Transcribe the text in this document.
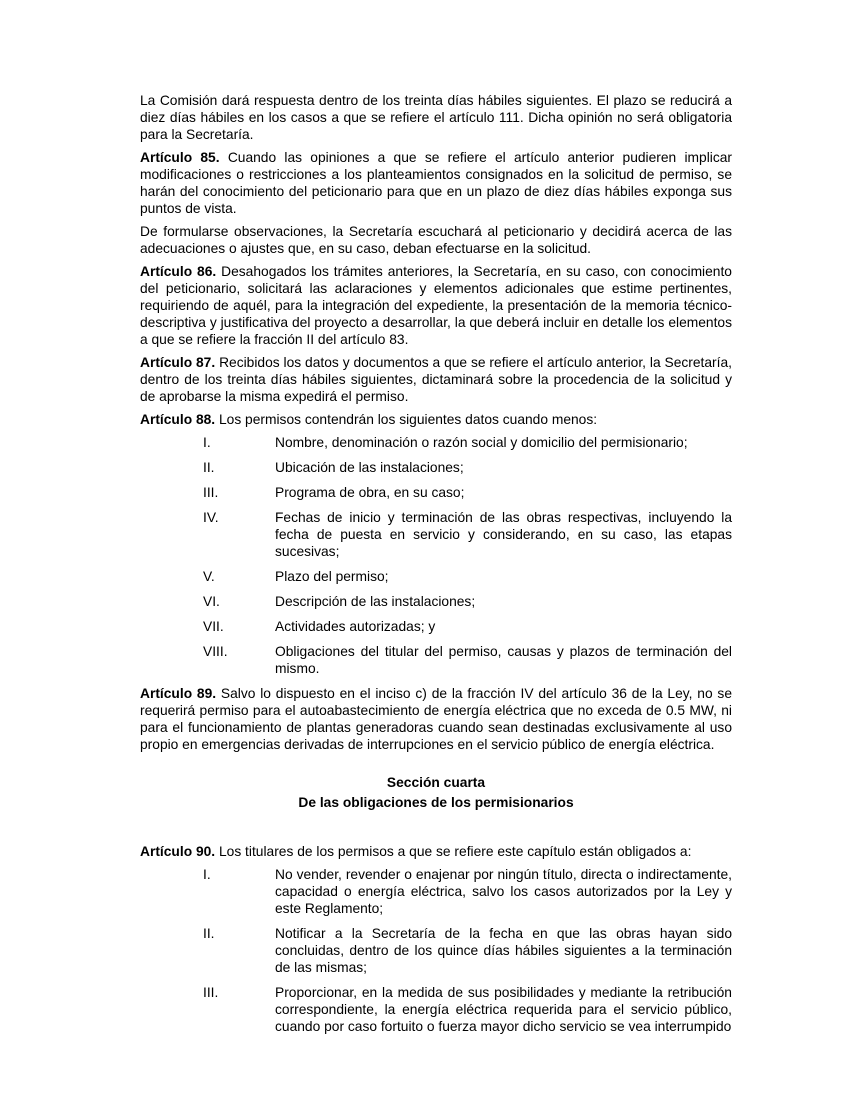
La Comisión dará respuesta dentro de los treinta días hábiles siguientes. El plazo se reducirá a diez días hábiles en los casos a que se refiere el artículo 111. Dicha opinión no será obligatoria para la Secretaría.

Artículo 85. Cuando las opiniones a que se refiere el artículo anterior pudieren implicar modificaciones o restricciones a los planteamientos consignados en la solicitud de permiso, se harán del conocimiento del peticionario para que en un plazo de diez días hábiles exponga sus puntos de vista.

De formularse observaciones, la Secretaría escuchará al peticionario y decidirá acerca de las adecuaciones o ajustes que, en su caso, deban efectuarse en la solicitud.

Artículo 86. Desahogados los trámites anteriores, la Secretaría, en su caso, con conocimiento del peticionario, solicitará las aclaraciones y elementos adicionales que estime pertinentes, requiriendo de aquél, para la integración del expediente, la presentación de la memoria técnico-descriptiva y justificativa del proyecto a desarrollar, la que deberá incluir en detalle los elementos a que se refiere la fracción II del artículo 83.

Artículo 87. Recibidos los datos y documentos a que se refiere el artículo anterior, la Secretaría, dentro de los treinta días hábiles siguientes, dictaminará sobre la procedencia de la solicitud y de aprobarse la misma expedirá el permiso.

Artículo 88. Los permisos contendrán los siguientes datos cuando menos:

I.	Nombre, denominación o razón social y domicilio del permisionario;
II.	Ubicación de las instalaciones;
III.	Programa de obra, en su caso;
IV.	Fechas de inicio y terminación de las obras respectivas, incluyendo la fecha de puesta en servicio y considerando, en su caso, las etapas sucesivas;
V.	Plazo del permiso;
VI.	Descripción de las instalaciones;
VII.	Actividades autorizadas; y
VIII.	Obligaciones del titular del permiso, causas y plazos de terminación del mismo.

Artículo 89. Salvo lo dispuesto en el inciso c) de la fracción IV del artículo 36 de la Ley, no se requerirá permiso para el autoabastecimiento de energía eléctrica que no exceda de 0.5 MW, ni para el funcionamiento de plantas generadoras cuando sean destinadas exclusivamente al uso propio en emergencias derivadas de interrupciones en el servicio público de energía eléctrica.

Sección cuarta
De las obligaciones de los permisionarios

Artículo 90. Los titulares de los permisos a que se refiere este capítulo están obligados a:

I.	No vender, revender o enajenar por ningún título, directa o indirectamente, capacidad o energía eléctrica, salvo los casos autorizados por la Ley y este Reglamento;
II.	Notificar a la Secretaría de la fecha en que las obras hayan sido concluidas, dentro de los quince días hábiles siguientes a la terminación de las mismas;
III.	Proporcionar, en la medida de sus posibilidades y mediante la retribución correspondiente, la energía eléctrica requerida para el servicio público, cuando por caso fortuito o fuerza mayor dicho servicio se vea interrumpido
